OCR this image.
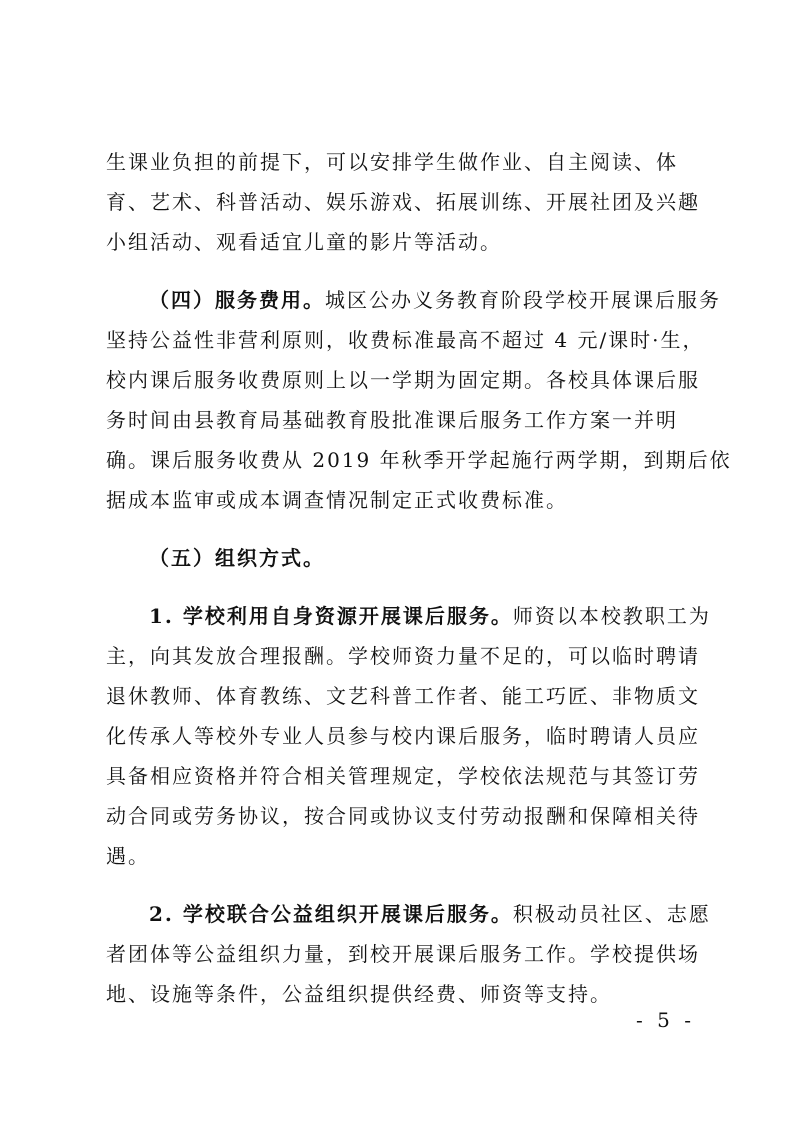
生课业负担的前提下，可以安排学生做作业、自主阅读、体
育、艺术、科普活动、娱乐游戏、拓展训练、开展社团及兴趣
小组活动、观看适宜儿童的影片等活动。
（四）服务费用。城区公办义务教育阶段学校开展课后服务
坚持公益性非营利原则，收费标准最高不超过 4 元/课时·生，
校内课后服务收费原则上以一学期为固定期。各校具体课后服
务时间由县教育局基础教育股批准课后服务工作方案一并明
确。课后服务收费从 2019 年秋季开学起施行两学期，到期后依
据成本监审或成本调查情况制定正式收费标准。
（五）组织方式。
1. 学校利用自身资源开展课后服务。师资以本校教职工为
主，向其发放合理报酬。学校师资力量不足的，可以临时聘请
退休教师、体育教练、文艺科普工作者、能工巧匠、非物质文
化传承人等校外专业人员参与校内课后服务，临时聘请人员应
具备相应资格并符合相关管理规定，学校依法规范与其签订劳
动合同或劳务协议，按合同或协议支付劳动报酬和保障相关待
遇。
2. 学校联合公益组织开展课后服务。积极动员社区、志愿
者团体等公益组织力量，到校开展课后服务工作。学校提供场
地、设施等条件，公益组织提供经费、师资等支持。
- 5 -
